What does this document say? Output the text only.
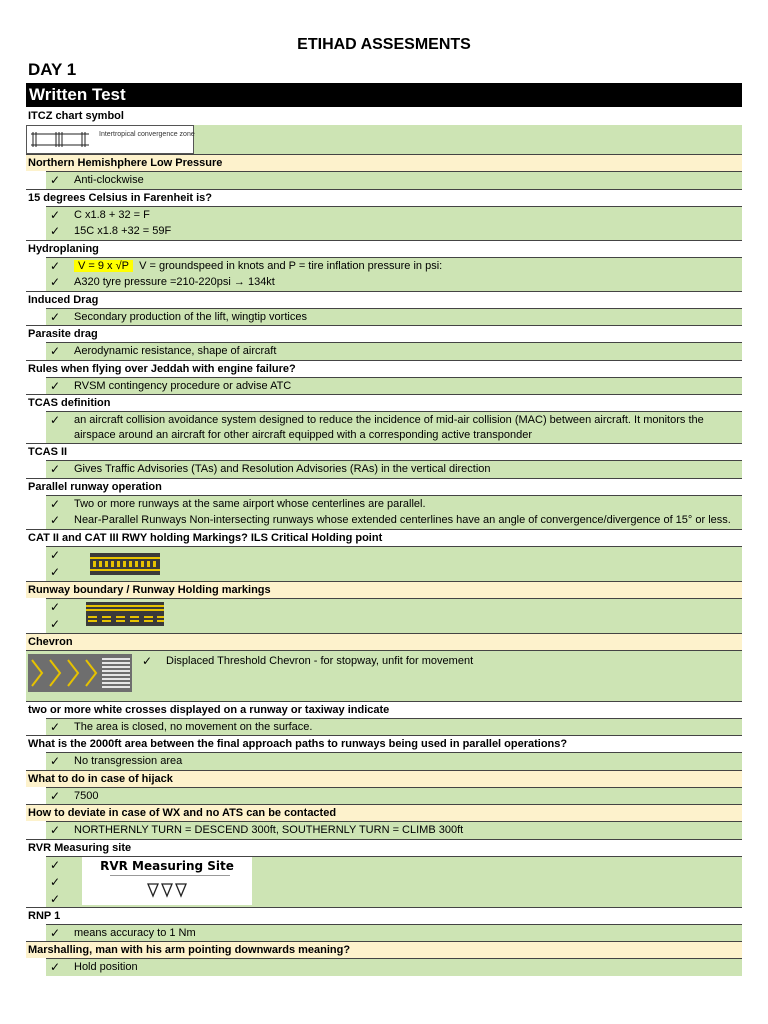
ETIHAD ASSESMENTS
DAY 1
Written Test
ITCZ chart symbol
Intertropical convergence zone
Northern Hemishphere Low Pressure
✓	Anti-clockwise
15 degrees Celsius in Farenheit is?
✓	C x1.8 + 32 = F
✓	15C x1.8 +32 = 59F
Hydroplaning
✓	V = 9 x √P V = groundspeed in knots and P = tire inflation pressure in psi:
✓	A320 tyre pressure =210-220psi → 134kt
Induced Drag
✓	Secondary production of the lift, wingtip vortices
Parasite drag
✓	Aerodynamic resistance, shape of aircraft
Rules when flying over Jeddah with engine failure?
✓	RVSM contingency procedure or advise ATC
TCAS definition
✓	an aircraft collision avoidance system designed to reduce the incidence of mid-air collision (MAC) between aircraft. It monitors the airspace around an aircraft for other aircraft equipped with a corresponding active transponder
TCAS II
✓	Gives Traffic Advisories (TAs) and Resolution Advisories (RAs) in the vertical direction
Parallel runway operation
✓	Two or more runways at the same airport whose centerlines are parallel.
✓	Near-Parallel Runways Non-intersecting runways whose extended centerlines have an angle of convergence/divergence of 15° or less.
CAT II and CAT III RWY holding Markings? ILS Critical Holding point
✓
✓
Runway boundary / Runway Holding markings
✓
✓
Chevron
✓	Displaced Threshold Chevron - for stopway, unfit for movement
two or more white crosses displayed on a runway or taxiway indicate
✓	The area is closed, no movement on the surface.
What is the 2000ft area between the final approach paths to runways being used in parallel operations?
✓	No transgression area
What to do in case of hijack
✓	7500
How to deviate in case of WX and no ATS can be contacted
✓	NORTHERNLY TURN = DESCEND 300ft, SOUTHERNLY TURN = CLIMB 300ft
RVR Measuring site
✓
✓
✓
RVR Measuring Site
RNP 1
✓	means accuracy to 1 Nm
Marshalling, man with his arm pointing downwards meaning?
✓	Hold position
